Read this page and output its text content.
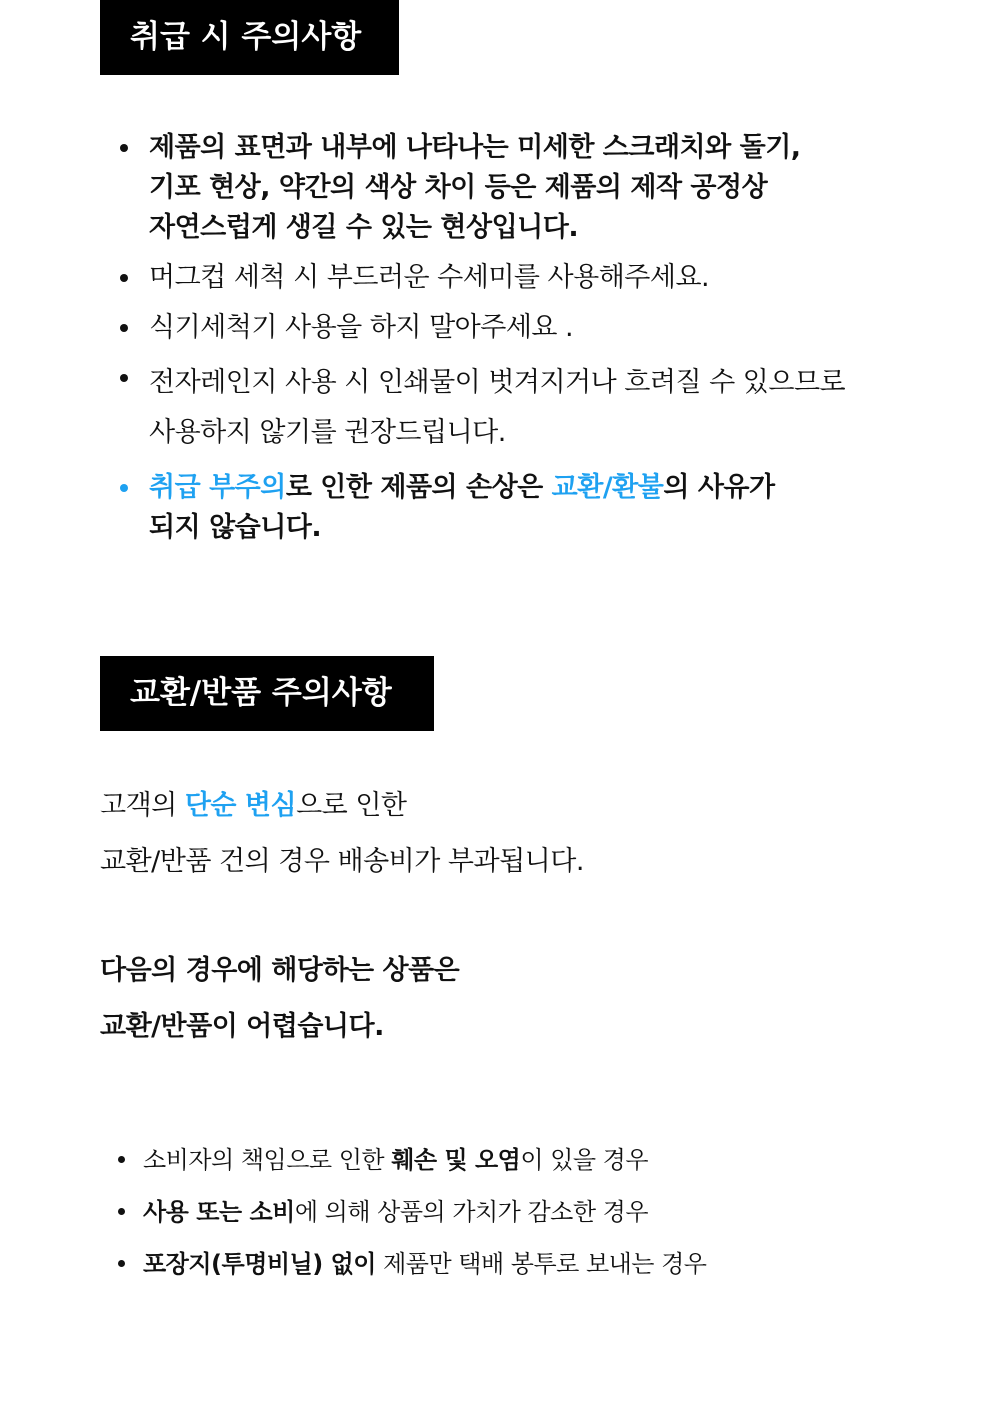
취급 시 주의사항
제품의 표면과 내부에 나타나는 미세한 스크래치와 돌기,
기포 현상, 약간의 색상 차이 등은 제품의 제작 공정상
자연스럽게 생길 수 있는 현상입니다.
머그컵 세척 시 부드러운 수세미를 사용해주세요.
식기세척기 사용을 하지 말아주세요 .
전자레인지 사용 시 인쇄물이 벗겨지거나 흐려질 수 있으므로
사용하지 않기를 권장드립니다.
취급 부주의로 인한 제품의 손상은 교환/환불의 사유가
되지 않습니다.
교환/반품 주의사항
고객의 단순 변심으로 인한
교환/반품 건의 경우 배송비가 부과됩니다.
다음의 경우에 해당하는 상품은
교환/반품이 어렵습니다.
소비자의 책임으로 인한 훼손 및 오염이 있을 경우
사용 또는 소비에 의해 상품의 가치가 감소한 경우
포장지(투명비닐) 없이 제품만 택배 봉투로 보내는 경우
